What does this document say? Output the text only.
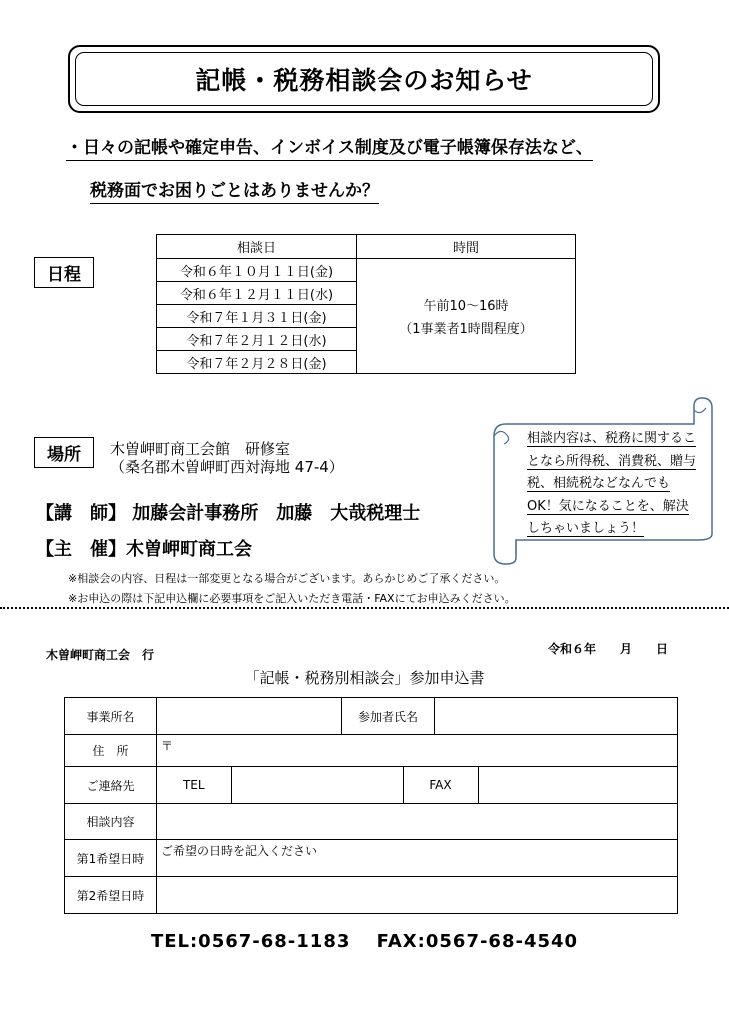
記帳・税務相談会のお知らせ
・日々の記帳や確定申告、インボイス制度及び電子帳簿保存法など、
税務面でお困りごとはありませんか？
日程
相談日	時間
令和６年１０月１１日(金)	午前10～16時
（1事業者1時間程度）

令和６年１２月１１日(水)	
令和７年１月３１日(金)	
令和７年２月１２日(水)	
令和７年２月２８日(金)	
場所	木曽岬町商工会館　研修室
（桑名郡木曽岬町西対海地 47-4）
相談内容は、税務に関するこ
となら所得税、消費税、贈与
税、相続税などなんでも
OK！気になることを、解決
しちゃいましょう！
【講　師】 加藤会計事務所　加藤　大哉税理士
【主　催】木曽岬町商工会
※相談会の内容、日程は一部変更となる場合がございます。あらかじめご了承ください。
※お申込の際は下記申込欄に必要事項をご記入いただき電話・FAXにてお申込みください。
木曽岬町商工会　行	令和６年　　月　　日
「記帳・税務別相談会」参加申込書
事業所名		参加者氏名	
住　所	〒
ご連絡先		TEL		FAX	

相談内容	
第1希望日時	ご希望の日時を記入ください
第2希望日時	
TEL:0567-68-1183　 FAX:0567-68-4540
